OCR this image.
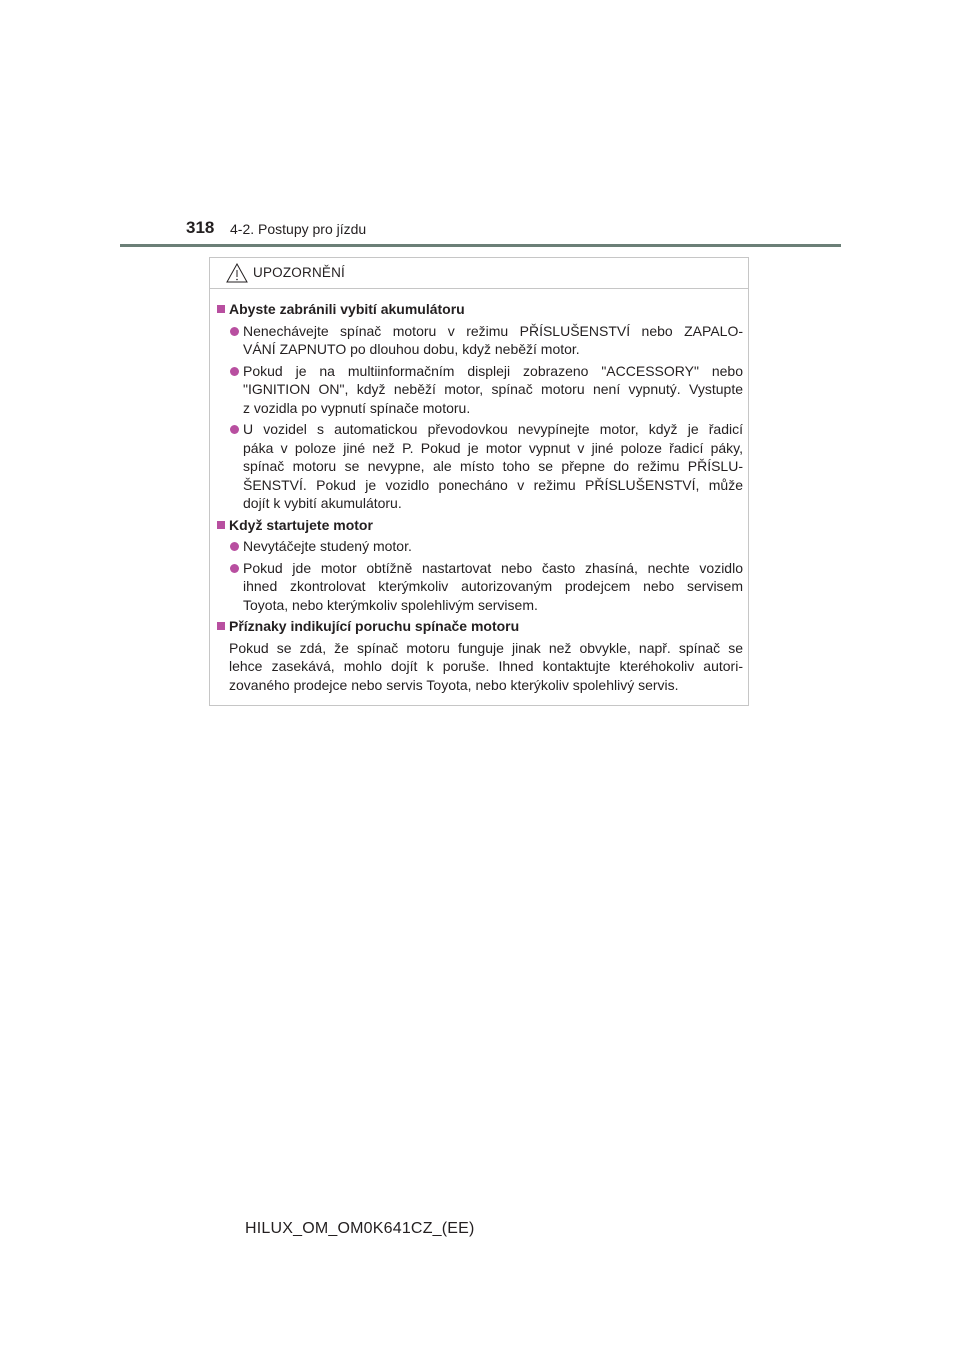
318 4-2. Postupy pro jízdu
UPOZORNĚNÍ
Abyste zabránili vybití akumulátoru
Nenechávejte spínač motoru v režimu PŘÍSLUŠENSTVÍ nebo ZAPALO-
VÁNÍ ZAPNUTO po dlouhou dobu, když neběží motor.
Pokud je na multiinformačním displeji zobrazeno "ACCESSORY" nebo
"IGNITION ON", když neběží motor, spínač motoru není vypnutý. Vystupte
z vozidla po vypnutí spínače motoru.
U vozidel s automatickou převodovkou nevypínejte motor, když je řadicí
páka v poloze jiné než P. Pokud je motor vypnut v jiné poloze řadicí páky,
spínač motoru se nevypne, ale místo toho se přepne do režimu PŘÍSLU-
ŠENSTVÍ. Pokud je vozidlo ponecháno v režimu PŘÍSLUŠENSTVÍ, může
dojít k vybití akumulátoru.
Když startujete motor
Nevytáčejte studený motor.
Pokud jde motor obtížně nastartovat nebo často zhasíná, nechte vozidlo
ihned zkontrolovat kterýmkoliv autorizovaným prodejcem nebo servisem
Toyota, nebo kterýmkoliv spolehlivým servisem.
Příznaky indikující poruchu spínače motoru
Pokud se zdá, že spínač motoru funguje jinak než obvykle, např. spínač se
lehce zasekává, mohlo dojít k poruše. Ihned kontaktujte kteréhokoliv autori-
zovaného prodejce nebo servis Toyota, nebo kterýkoliv spolehlivý servis.
HILUX_OM_OM0K641CZ_(EE)
